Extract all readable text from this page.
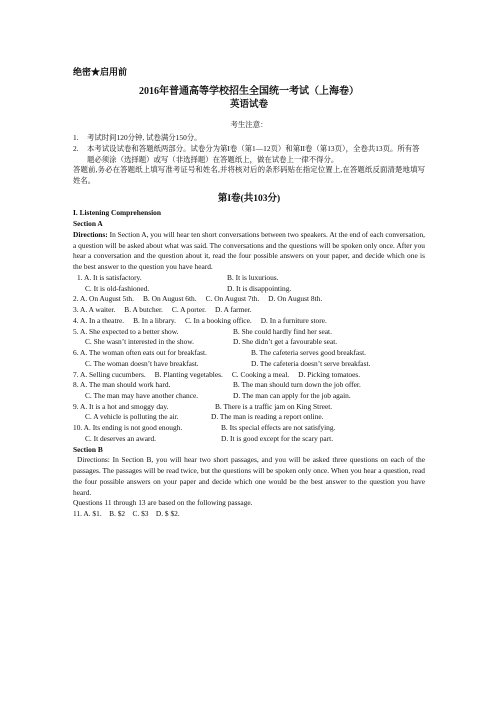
绝密★启用前
2016年普通高等学校招生全国统一考试（上海卷）
英语试卷
考生注意：
1.	考试时间120分钟, 试卷满分150分。
2.	本考试设试卷和答题纸两部分。试卷分为第I卷（第1—12页）和第II卷（第13页），全卷共13页。所有答题必须涂（选择题）或写（非选择题）在答题纸上，做在试卷上一律不得分。

答题前,务必在答题纸上填写准考证号和姓名,并将核对后的条形码贴在指定位置上,在答题纸反面清楚地填写姓名。

第I卷(共103分)
I. Listening Comprehension
Section A

Directions: In Section A, you will hear ten short conversations between two speakers. At the end of each conversation, a question will be asked about what was said. The conversations and the questions will be spoken only once. After you hear a conversation and the question about it, read the four possible answers on your paper, and decide which one is the best answer to the question you have heard.

1. A. It is satisfactory.	B. It is luxurious.
C. It is old-fashioned.	D. It is disappointing.
2. A. On August 5th. B. On August 6th. C. On August 7th. D. On August 8th.
3. A. A waiter. B. A butcher. C. A porter. D. A farmer.
4. A. In a theatre. B. In a library. C. In a booking office. D. In a furniture store.
5. A. She expected to a better show.	B. She could hardly find her seat.
C. She wasn’t interested in the show.	D. She didn’t get a favourable seat.
6. A. The woman often eats out for breakfast.	B. The cafeteria serves good breakfast.
C. The woman doesn’t have breakfast.	D. The cafeteria doesn’t serve breakfast.
7. A. Selling cucumbers. B. Planting vegetables. C. Cooking a meal. D. Picking tomatoes.
8. A. The man should work hard.	B. The man should turn down the job offer.
C. The man may have another chance.	D. The man can apply for the job again.
9. A. It is a hot and smoggy day.	B. There is a traffic jam on King Street.
C. A vehicle is polluting the air.	D. The man is reading a report online.
10. A. Its ending is not good enough.	B. Its special effects are not satisfying.
C. It deserves an award.	D. It is good except for the scary part.
Section B

Directions: In Section B, you will hear two short passages, and you will be asked three questions on each of the passages. The passages will be read twice, but the questions will be spoken only once. When you hear a question, read the four possible answers on your paper and decide which one would be the best answer to the question you have heard.

Questions 11 through 13 are based on the following passage.
11. A. $1.    B. $2    C. $3    D. $ $2.
